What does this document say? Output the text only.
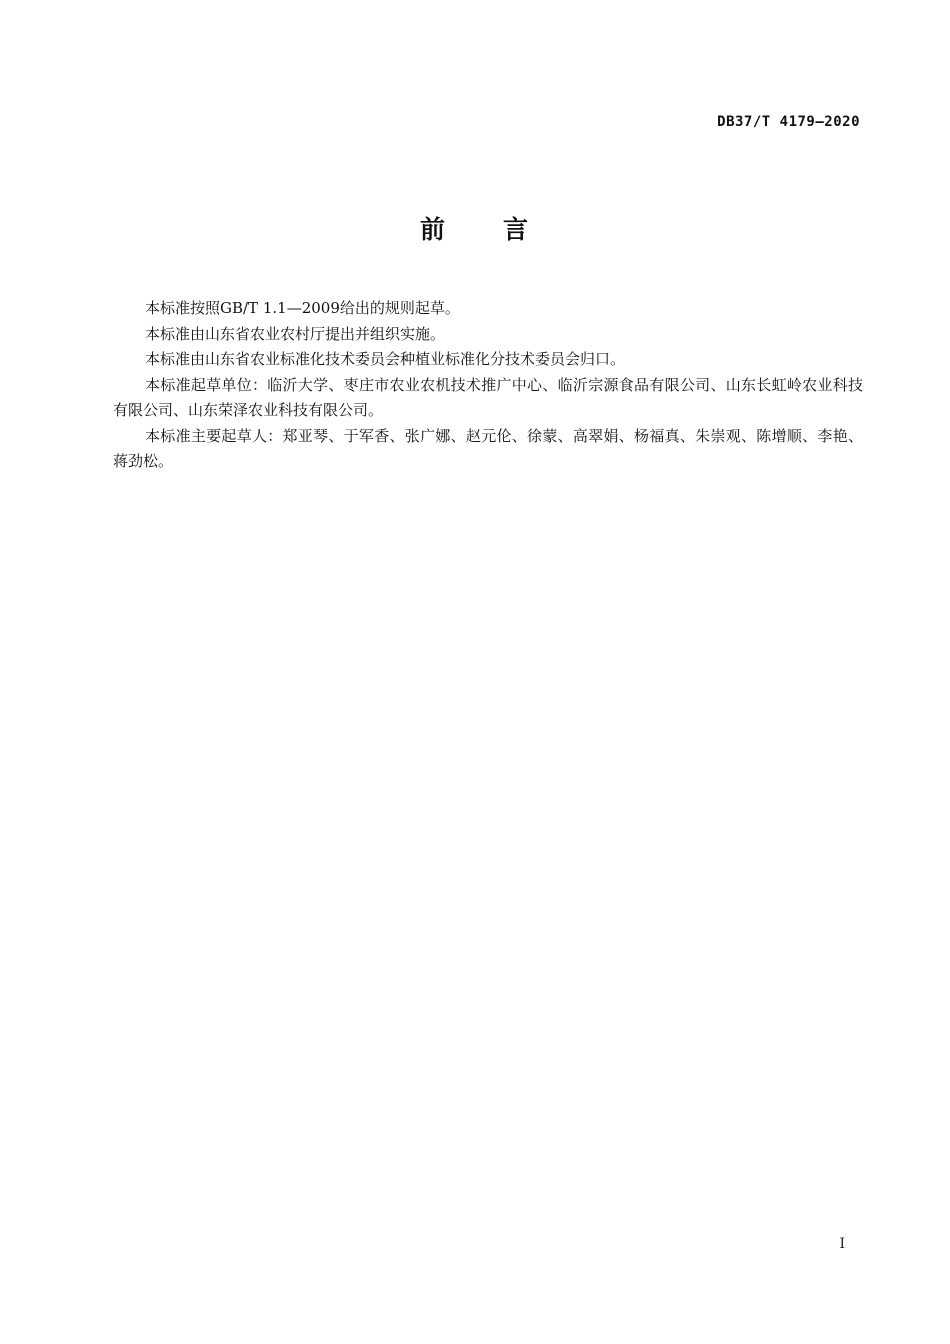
DB37/T 4179—2020
前 言

本标准按照GB/T 1.1—2009给出的规则起草。

本标准由山东省农业农村厅提出并组织实施。

本标准由山东省农业标准化技术委员会种植业标准化分技术委员会归口。

本标准起草单位：临沂大学、枣庄市农业农机技术推广中心、临沂宗源食品有限公司、山东长虹岭农业科技有限公司、山东荣泽农业科技有限公司。

本标准主要起草人：郑亚琴、于军香、张广娜、赵元伦、徐蒙、高翠娟、杨福真、朱崇观、陈增顺、李艳、蒋劲松。

I
